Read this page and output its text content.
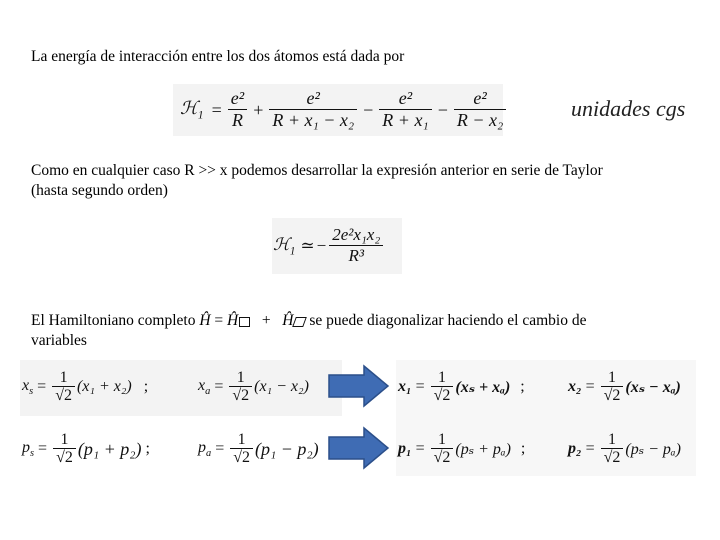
La energía de interacción entre los dos átomos está dada por
ℋ$_1$ = $\frac{\text{e²}}{R} + \frac{\text{e²}}{\text{R + x₁ − x₂}} - \frac{\text{e²}}{\text{R + x₁}} - \frac{\text{e²}}{\text{R − x₂}}$	unidades cgs
Como en cualquier caso R >> x podemos desarrollar la expresión anterior en serie de Taylor
(hasta segundo orden)
ℋ$_1$ ≃ − $\frac{\text{2e²x₁x₂}}{\text{R³}}$
El Hamiltoniano completo Ĥ = Ĥ + Ĥ se puede diagonalizar haciendo el cambio de
variables
$x_s = \frac{1}{√2} (x_1 + x_2)$ ;	$x_a = \frac{1}{√2} (x_1 - x_2)$
$p_s = \frac{1}{√2} (p_1 + p_2)$ ;	$p_a = \frac{1}{√2} (p_1 - p_2)$
$x_1 = \frac{1}{√2} (x_s + x_a)$ ;	$x_2 = \frac{1}{√2} (x_s - x_a)$
$p_1 = \frac{1}{√2} (p_s + p_a)$ ;	$p_2 = \frac{1}{√2} (p_s - p_a)$
